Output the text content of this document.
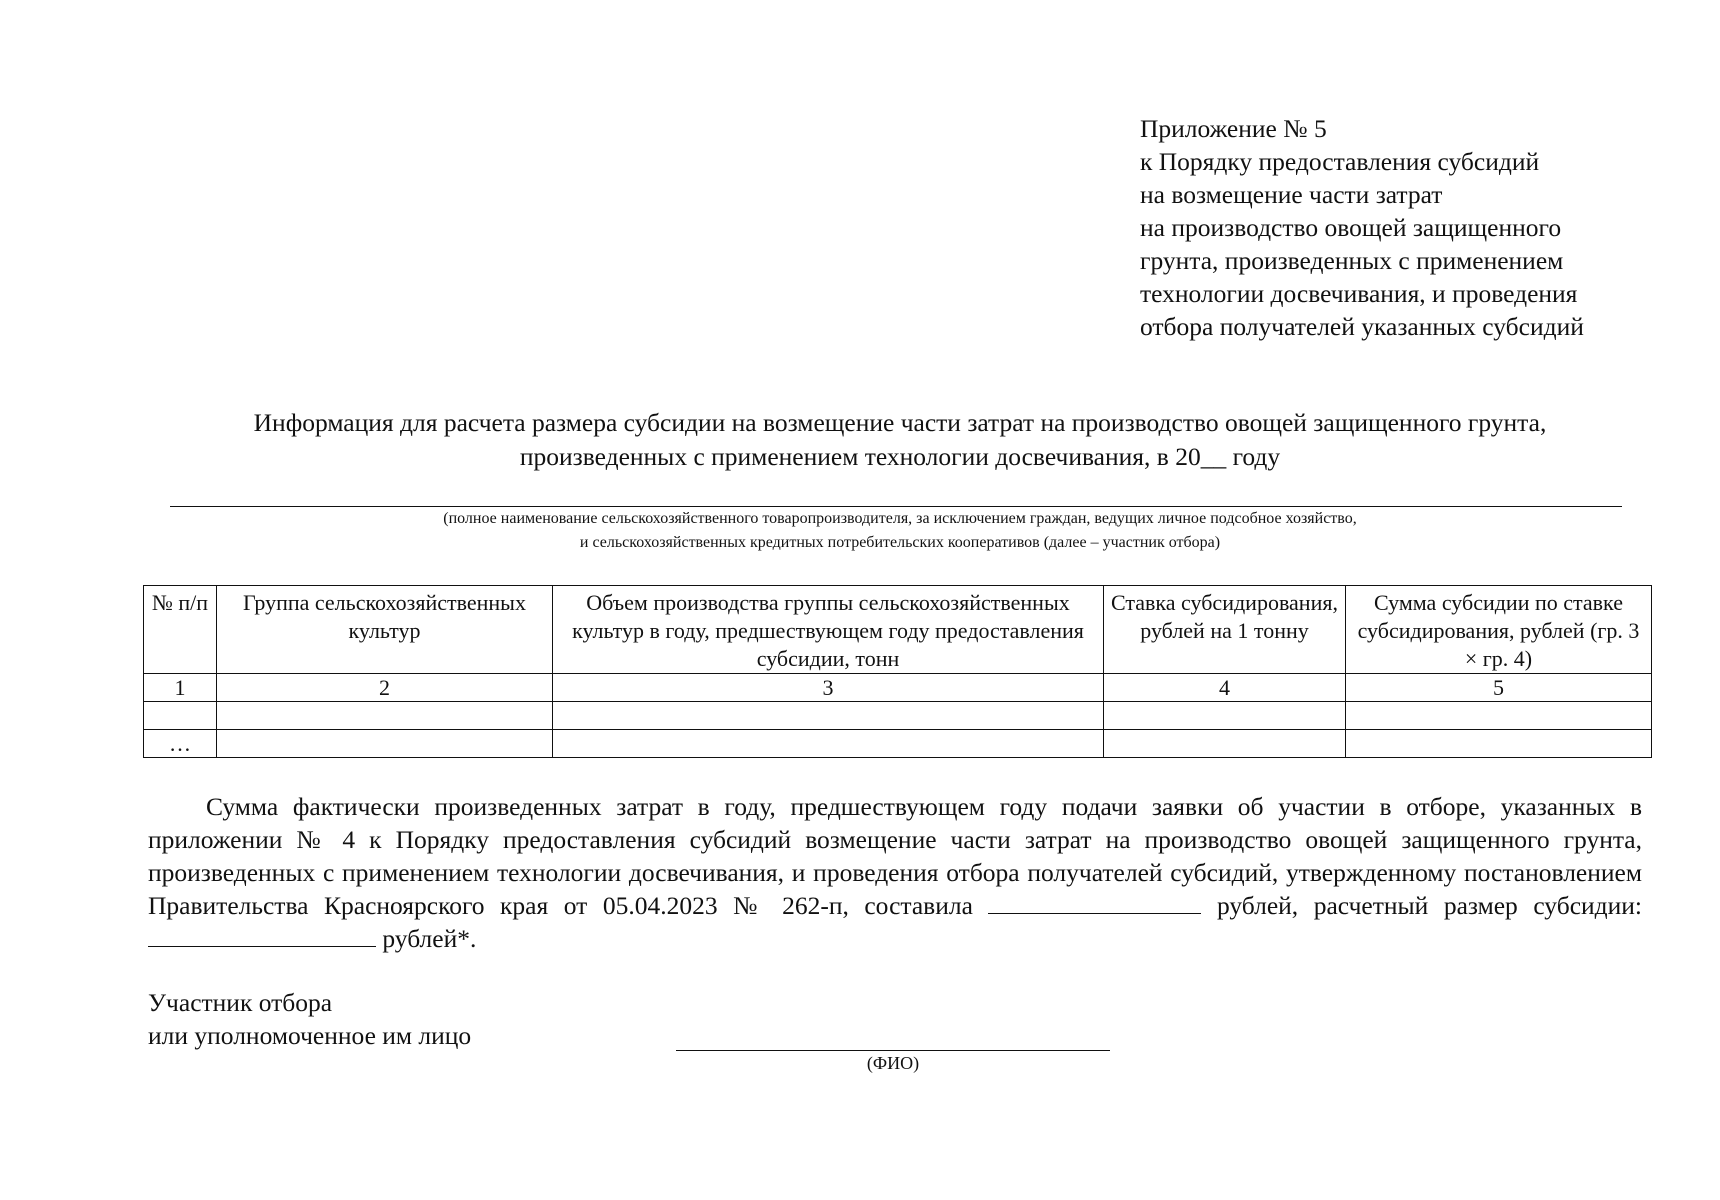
Приложение № 5
к Порядку предоставления субсидий
на возмещение части затрат
на производство овощей защищенного
грунта, произведенных с применением
технологии досвечивания, и проведения
отбора получателей указанных субсидий
Информация для расчета размера субсидии на возмещение части затрат на производство овощей защищенного грунта,
произведенных с применением технологии досвечивания, в 20__ году
(полное наименование сельскохозяйственного товаропроизводителя, за исключением граждан, ведущих личное подсобное хозяйство,
и сельскохозяйственных кредитных потребительских кооперативов (далее – участник отбора)
№ п/п	Группа сельскохозяйственных культур	Объем производства группы сельскохозяйственных культур в году, предшествующем году предоставления субсидии, тонн	Ставка субсидирования, рублей на 1 тонну	Сумма субсидии по ставке субсидирования, рублей (гр. 3 × гр. 4)
1	2	3	4	5

…				
Сумма фактически произведенных затрат в году, предшествующем году подачи заявки об участии в отборе, указанных в приложении № 4 к Порядку предоставления субсидий возмещение части затрат на производство овощей защищенного грунта, произведенных с применением технологии досвечивания, и проведения отбора получателей субсидий, утвержденному постановлением Правительства Красноярского края от 05.04.2023 № 262-п, составила	рублей, расчетный размер субсидии:  рублей*.
Участник отбора
или уполномоченное им лицо
(ФИО)
